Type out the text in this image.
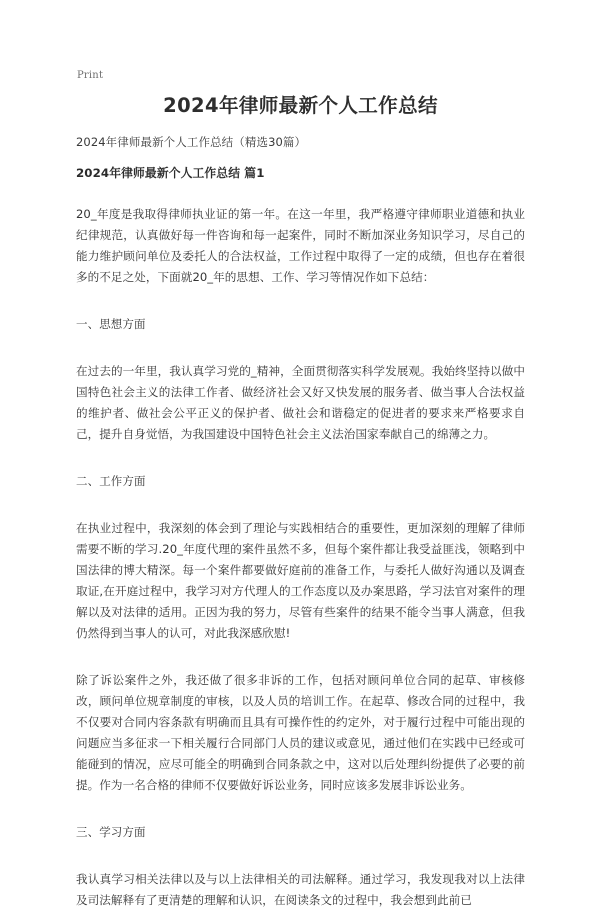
Print
2024年律师最新个人工作总结

2024年律师最新个人工作总结（精选30篇）

2024年律师最新个人工作总结 篇1

20_年度是我取得律师执业证的第一年。在这一年里，我严格遵守律师职业道德和执业纪律规范，认真做好每一件咨询和每一起案件，同时不断加深业务知识学习，尽自己的能力维护顾问单位及委托人的合法权益，工作过程中取得了一定的成绩，但也存在着很多的不足之处，下面就20_年的思想、工作、学习等情况作如下总结：

一、思想方面

在过去的一年里，我认真学习党的_精神，全面贯彻落实科学发展观。我始终坚持以做中国特色社会主义的法律工作者、做经济社会又好又快发展的服务者、做当事人合法权益的维护者、做社会公平正义的保护者、做社会和谐稳定的促进者的要求来严格要求自己，提升自身觉悟，为我国建设中国特色社会主义法治国家奉献自己的绵薄之力。

二、工作方面

在执业过程中，我深刻的体会到了理论与实践相结合的重要性，更加深刻的理解了律师需要不断的学习.20_年度代理的案件虽然不多，但每个案件都让我受益匪浅，领略到中国法律的博大精深。每一个案件都要做好庭前的准备工作，与委托人做好沟通以及调查取证,在开庭过程中，我学习对方代理人的工作态度以及办案思路，学习法官对案件的理解以及对法律的适用。正因为我的努力，尽管有些案件的结果不能令当事人满意，但我仍然得到当事人的认可，对此我深感欣慰!

除了诉讼案件之外，我还做了很多非诉的工作，包括对顾问单位合同的起草、审核修改，顾问单位规章制度的审核，以及人员的培训工作。在起草、修改合同的过程中，我不仅要对合同内容条款有明确而且具有可操作性的约定外，对于履行过程中可能出现的问题应当多征求一下相关履行合同部门人员的建议或意见，通过他们在实践中已经或可能碰到的情况，应尽可能全的明确到合同条款之中，这对以后处理纠纷提供了必要的前提。作为一名合格的律师不仅要做好诉讼业务，同时应该多发展非诉讼业务。

三、学习方面

我认真学习相关法律以及与以上法律相关的司法解释。通过学习，我发现我对以上法律及司法解释有了更清楚的理解和认识，在阅读条文的过程中，我会想到此前已
